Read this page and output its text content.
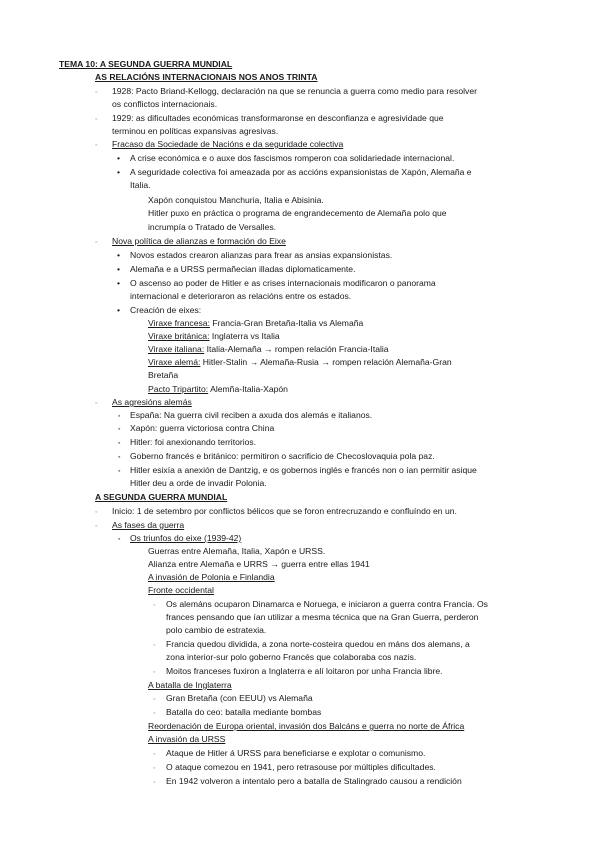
TEMA 10: A SEGUNDA GUERRA MUNDIAL
AS RELACIÓNS INTERNACIONAIS NOS ANOS TRINTA
◦ 1928: Pacto Briand-Kellogg, declaración na que se renuncia a guerra como medio para resolver
os conflictos internacionais.
◦ 1929: as dificultades económicas transformaronse en desconfianza e agresividade que
terminou en políticas expansivas agresivas.
◦ Fracaso da Sociedade de Nacións e da seguridade colectiva
• A crise económica e o auxe dos fascismos romperon coa solidariedade internacional.
• A seguridade colectiva foi ameazada por as accións expansionistas de Xapón, Alemaña e
Italia.
Xapón conquistou Manchuria, Italia e Abisinia.
Hitler puxo en práctica o programa de engrandecemento de Alemaña polo que
incrumpía o Tratado de Versalles.
◦ Nova política de alianzas e formación do Eixe
• Novos estados crearon alianzas para frear as ansias expansionistas.
• Alemaña e a URSS permañecian illadas diplomaticamente.
• O ascenso ao poder de Hitler e as crises internacionais modificaron o panorama
internacional e deterioraron as relacións entre os estados.
• Creación de eixes:
Viraxe francesa: Francia-Gran Bretaña-Italia vs Alemaña
Viraxe británica: Inglaterra vs Italia
Viraxe italiana: Italia-Alemaña → rompen relación Francia-Italia
Viraxe alemá: Hitler-Stalin → Alemaña-Rusia → rompen relación Alemaña-Gran
Bretaña
Pacto Tripartito: Alemña-Italia-Xapón
◦ As agresións alemás
▪ España: Na guerra civil reciben a axuda dos alemás e italianos.
▪ Xapón: guerra victoriosa contra China
▪ Hitler: foi anexionando territorios.
▪ Goberno francés e británico: permitiron o sacrificio de Checoslovaquia pola paz.
▪ Hitler esixía a anexión de Dantzig, e os gobernos inglés e francés non o ían permitir asique
Hitler deu a orde de invadir Polonia.
A SEGUNDA GUERRA MUNDIAL
◦ Inicio: 1 de setembro por conflictos bélicos que se foron entrecruzando e confluíndo en un.
◦ As fases da guerra
▪ Os triunfos do eixe (1939-42)
Guerras entre Alemaña, Italia, Xapón e URSS.
Alianza entre Alemaña e URRS → guerra entre ellas 1941
A invasión de Polonia e Finlandia
Fronte occidental
◦ Os alemáns ocuparon Dinamarca e Noruega, e iniciaron a guerra contra Francia. Os
frances pensando que ían utilizar a mesma técnica que na Gran Guerra, perderon
polo cambio de estratexia.
◦ Francia quedou dividida, a zona norte-costeira quedou en máns dos alemans, a
zona interior-sur polo goberno Francés que colaboraba cos nazis.
◦ Moitos franceses fuxiron a Inglaterra e alí loitaron por unha Francia libre.
A batalla de Inglaterra
◦ Gran Bretaña (con EEUU) vs Alemaña
◦ Batalla do ceo: batalla mediante bombas
Reordenación de Europa oriental, invasión dos Balcáns e guerra no norte de África
A invasión da URSS
◦ Ataque de Hitler á URSS para beneficiarse e explotar o comunismo.
◦ O ataque comezou en 1941, pero retrasouse por múltiples dificultades.
◦ En 1942 volveron a intentalo pero a batalla de Stalingrado causou a rendición
